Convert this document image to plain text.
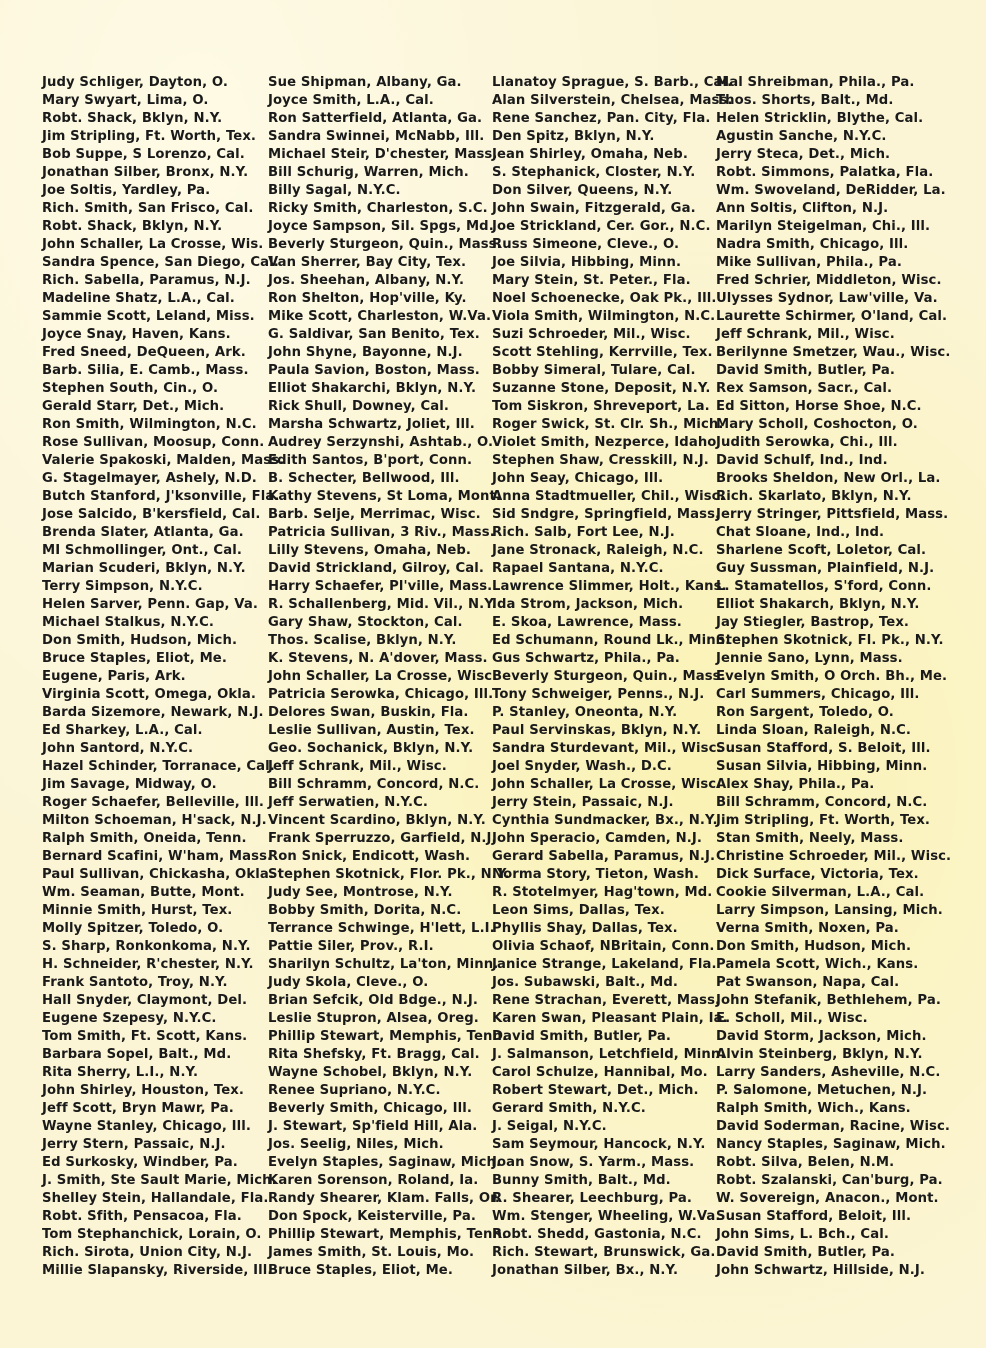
Judy Schliger, Dayton, O.
Mary Swyart, Lima, O.
Robt. Shack, Bklyn, N.Y.
Jim Stripling, Ft. Worth, Tex.
Bob Suppe, S Lorenzo, Cal.
Jonathan Silber, Bronx, N.Y.
Joe Soltis, Yardley, Pa.
Rich. Smith, San Frisco, Cal.
Robt. Shack, Bklyn, N.Y.
John Schaller, La Crosse, Wis.
Sandra Spence, San Diego, Cal.
Rich. Sabella, Paramus, N.J.
Madeline Shatz, L.A., Cal.
Sammie Scott, Leland, Miss.
Joyce Snay, Haven, Kans.
Fred Sneed, DeQueen, Ark.
Barb. Silia, E. Camb., Mass.
Stephen South, Cin., O.
Gerald Starr, Det., Mich.
Ron Smith, Wilmington, N.C.
Rose Sullivan, Moosup, Conn.
Valerie Spakoski, Malden, Mass.
G. Stagelmayer, Ashely, N.D.
Butch Stanford, J'ksonville, Fla.
Jose Salcido, B'kersfield, Cal.
Brenda Slater, Atlanta, Ga.
MI Schmollinger, Ont., Cal.
Marian Scuderi, Bklyn, N.Y.
Terry Simpson, N.Y.C.
Helen Sarver, Penn. Gap, Va.
Michael Stalkus, N.Y.C.
Don Smith, Hudson, Mich.
Bruce Staples, Eliot, Me.
Eugene, Paris, Ark.
Virginia Scott, Omega, Okla.
Barda Sizemore, Newark, N.J.
Ed Sharkey, L.A., Cal.
John Santord, N.Y.C.
Hazel Schinder, Torranace, Cal.
Jim Savage, Midway, O.
Roger Schaefer, Belleville, Ill.
Milton Schoeman, H'sack, N.J.
Ralph Smith, Oneida, Tenn.
Bernard Scafini, W'ham, Mass.
Paul Sullivan, Chickasha, Okla.
Wm. Seaman, Butte, Mont.
Minnie Smith, Hurst, Tex.
Molly Spitzer, Toledo, O.
S. Sharp, Ronkonkoma, N.Y.
H. Schneider, R'chester, N.Y.
Frank Santoto, Troy, N.Y.
Hall Snyder, Claymont, Del.
Eugene Szepesy, N.Y.C.
Tom Smith, Ft. Scott, Kans.
Barbara Sopel, Balt., Md.
Rita Sherry, L.I., N.Y.
John Shirley, Houston, Tex.
Jeff Scott, Bryn Mawr, Pa.
Wayne Stanley, Chicago, Ill.
Jerry Stern, Passaic, N.J.
Ed Surkosky, Windber, Pa.
J. Smith, Ste Sault Marie, Mich.
Shelley Stein, Hallandale, Fla.
Robt. Sfith, Pensacoa, Fla.
Tom Stephanchick, Lorain, O.
Rich. Sirota, Union City, N.J.
Millie Slapansky, Riverside, Ill.
Sue Shipman, Albany, Ga.
Joyce Smith, L.A., Cal.
Ron Satterfield, Atlanta, Ga.
Sandra Swinnei, McNabb, Ill.
Michael Steir, D'chester, Mass.
Bill Schurig, Warren, Mich.
Billy Sagal, N.Y.C.
Ricky Smith, Charleston, S.C.
Joyce Sampson, Sil. Spgs, Md.
Beverly Sturgeon, Quin., Mass.
Van Sherrer, Bay City, Tex.
Jos. Sheehan, Albany, N.Y.
Ron Shelton, Hop'ville, Ky.
Mike Scott, Charleston, W.Va.
G. Saldivar, San Benito, Tex.
John Shyne, Bayonne, N.J.
Paula Savion, Boston, Mass.
Elliot Shakarchi, Bklyn, N.Y.
Rick Shull, Downey, Cal.
Marsha Schwartz, Joliet, Ill.
Audrey Serzynshi, Ashtab., O.
Edith Santos, B'port, Conn.
B. Schecter, Bellwood, Ill.
Kathy Stevens, St Loma, Mont.
Barb. Selje, Merrimac, Wisc.
Patricia Sullivan, 3 Riv., Mass.
Lilly Stevens, Omaha, Neb.
David Strickland, Gilroy, Cal.
Harry Schaefer, Pl'ville, Mass.
R. Schallenberg, Mid. Vil., N.Y.
Gary Shaw, Stockton, Cal.
Thos. Scalise, Bklyn, N.Y.
K. Stevens, N. A'dover, Mass.
John Schaller, La Crosse, Wisc.
Patricia Serowka, Chicago, Ill.
Delores Swan, Buskin, Fla.
Leslie Sullivan, Austin, Tex.
Geo. Sochanick, Bklyn, N.Y.
Jeff Schrank, Mil., Wisc.
Bill Schramm, Concord, N.C.
Jeff Serwatien, N.Y.C.
Vincent Scardino, Bklyn, N.Y.
Frank Sperruzzo, Garfield, N.J.
Ron Snick, Endicott, Wash.
Stephen Skotnick, Flor. Pk., N.Y.
Judy See, Montrose, N.Y.
Bobby Smith, Dorita, N.C.
Terrance Schwinge, H'lett, L.I.
Pattie Siler, Prov., R.I.
Sharilyn Schultz, La'ton, Minn.
Judy Skola, Cleve., O.
Brian Sefcik, Old Bdge., N.J.
Leslie Stupron, Alsea, Oreg.
Phillip Stewart, Memphis, Tenn.
Rita Shefsky, Ft. Bragg, Cal.
Wayne Schobel, Bklyn, N.Y.
Renee Supriano, N.Y.C.
Beverly Smith, Chicago, Ill.
J. Stewart, Sp'field Hill, Ala.
Jos. Seelig, Niles, Mich.
Evelyn Staples, Saginaw, Mich.
Karen Sorenson, Roland, Ia.
Randy Shearer, Klam. Falls, Or.
Don Spock, Keisterville, Pa.
Phillip Stewart, Memphis, Tenn.
James Smith, St. Louis, Mo.
Bruce Staples, Eliot, Me.
Llanatoy Sprague, S. Barb., Cal.
Alan Silverstein, Chelsea, Mass.
Rene Sanchez, Pan. City, Fla.
Den Spitz, Bklyn, N.Y.
Jean Shirley, Omaha, Neb.
S. Stephanick, Closter, N.Y.
Don Silver, Queens, N.Y.
John Swain, Fitzgerald, Ga.
Joe Strickland, Cer. Gor., N.C.
Russ Simeone, Cleve., O.
Joe Silvia, Hibbing, Minn.
Mary Stein, St. Peter., Fla.
Noel Schoenecke, Oak Pk., Ill.
Viola Smith, Wilmington, N.C.
Suzi Schroeder, Mil., Wisc.
Scott Stehling, Kerrville, Tex.
Bobby Simeral, Tulare, Cal.
Suzanne Stone, Deposit, N.Y.
Tom Siskron, Shreveport, La.
Roger Swick, St. Clr. Sh., Mich.
Violet Smith, Nezperce, Idaho
Stephen Shaw, Cresskill, N.J.
John Seay, Chicago, Ill.
Anna Stadtmueller, Chil., Wisc.
Sid Sndgre, Springfield, Mass.
Rich. Salb, Fort Lee, N.J.
Jane Stronack, Raleigh, N.C.
Rapael Santana, N.Y.C.
Lawrence Slimmer, Holt., Kans.
Ida Strom, Jackson, Mich.
E. Skoa, Lawrence, Mass.
Ed Schumann, Round Lk., Minn.
Gus Schwartz, Phila., Pa.
Beverly Sturgeon, Quin., Mass.
Tony Schweiger, Penns., N.J.
P. Stanley, Oneonta, N.Y.
Paul Servinskas, Bklyn, N.Y.
Sandra Sturdevant, Mil., Wisc.
Joel Snyder, Wash., D.C.
John Schaller, La Crosse, Wisc.
Jerry Stein, Passaic, N.J.
Cynthia Sundmacker, Bx., N.Y.
John Speracio, Camden, N.J.
Gerard Sabella, Paramus, N.J.
Norma Story, Tieton, Wash.
R. Stotelmyer, Hag'town, Md.
Leon Sims, Dallas, Tex.
Phyllis Shay, Dallas, Tex.
Olivia Schaof, NBritain, Conn.
Janice Strange, Lakeland, Fla.
Jos. Subawski, Balt., Md.
Rene Strachan, Everett, Mass.
Karen Swan, Pleasant Plain, Ia.
David Smith, Butler, Pa.
J. Salmanson, Letchfield, Minn.
Carol Schulze, Hannibal, Mo.
Robert Stewart, Det., Mich.
Gerard Smith, N.Y.C.
J. Seigal, N.Y.C.
Sam Seymour, Hancock, N.Y.
Joan Snow, S. Yarm., Mass.
Bunny Smith, Balt., Md.
R. Shearer, Leechburg, Pa.
Wm. Stenger, Wheeling, W.Va.
Robt. Shedd, Gastonia, N.C.
Rich. Stewart, Brunswick, Ga.
Jonathan Silber, Bx., N.Y.
Mal Shreibman, Phila., Pa.
Thos. Shorts, Balt., Md.
Helen Stricklin, Blythe, Cal.
Agustin Sanche, N.Y.C.
Jerry Steca, Det., Mich.
Robt. Simmons, Palatka, Fla.
Wm. Swoveland, DeRidder, La.
Ann Soltis, Clifton, N.J.
Marilyn Steigelman, Chi., Ill.
Nadra Smith, Chicago, Ill.
Mike Sullivan, Phila., Pa.
Fred Schrier, Middleton, Wisc.
Ulysses Sydnor, Law'ville, Va.
Laurette Schirmer, O'land, Cal.
Jeff Schrank, Mil., Wisc.
Berilynne Smetzer, Wau., Wisc.
David Smith, Butler, Pa.
Rex Samson, Sacr., Cal.
Ed Sitton, Horse Shoe, N.C.
Mary Scholl, Coshocton, O.
Judith Serowka, Chi., Ill.
David Schulf, Ind., Ind.
Brooks Sheldon, New Orl., La.
Rich. Skarlato, Bklyn, N.Y.
Jerry Stringer, Pittsfield, Mass.
Chat Sloane, Ind., Ind.
Sharlene Scoft, Loletor, Cal.
Guy Sussman, Plainfield, N.J.
L. Stamatellos, S'ford, Conn.
Elliot Shakarch, Bklyn, N.Y.
Jay Stiegler, Bastrop, Tex.
Stephen Skotnick, Fl. Pk., N.Y.
Jennie Sano, Lynn, Mass.
Evelyn Smith, O Orch. Bh., Me.
Carl Summers, Chicago, Ill.
Ron Sargent, Toledo, O.
Linda Sloan, Raleigh, N.C.
Susan Stafford, S. Beloit, Ill.
Susan Silvia, Hibbing, Minn.
Alex Shay, Phila., Pa.
Bill Schramm, Concord, N.C.
Jim Stripling, Ft. Worth, Tex.
Stan Smith, Neely, Mass.
Christine Schroeder, Mil., Wisc.
Dick Surface, Victoria, Tex.
Cookie Silverman, L.A., Cal.
Larry Simpson, Lansing, Mich.
Verna Smith, Noxen, Pa.
Don Smith, Hudson, Mich.
Pamela Scott, Wich., Kans.
Pat Swanson, Napa, Cal.
John Stefanik, Bethlehem, Pa.
E. Scholl, Mil., Wisc.
David Storm, Jackson, Mich.
Alvin Steinberg, Bklyn, N.Y.
Larry Sanders, Asheville, N.C.
P. Salomone, Metuchen, N.J.
Ralph Smith, Wich., Kans.
David Soderman, Racine, Wisc.
Nancy Staples, Saginaw, Mich.
Robt. Silva, Belen, N.M.
Robt. Szalanski, Can'burg, Pa.
W. Sovereign, Anacon., Mont.
Susan Stafford, Beloit, Ill.
John Sims, L. Bch., Cal.
David Smith, Butler, Pa.
John Schwartz, Hillside, N.J.
